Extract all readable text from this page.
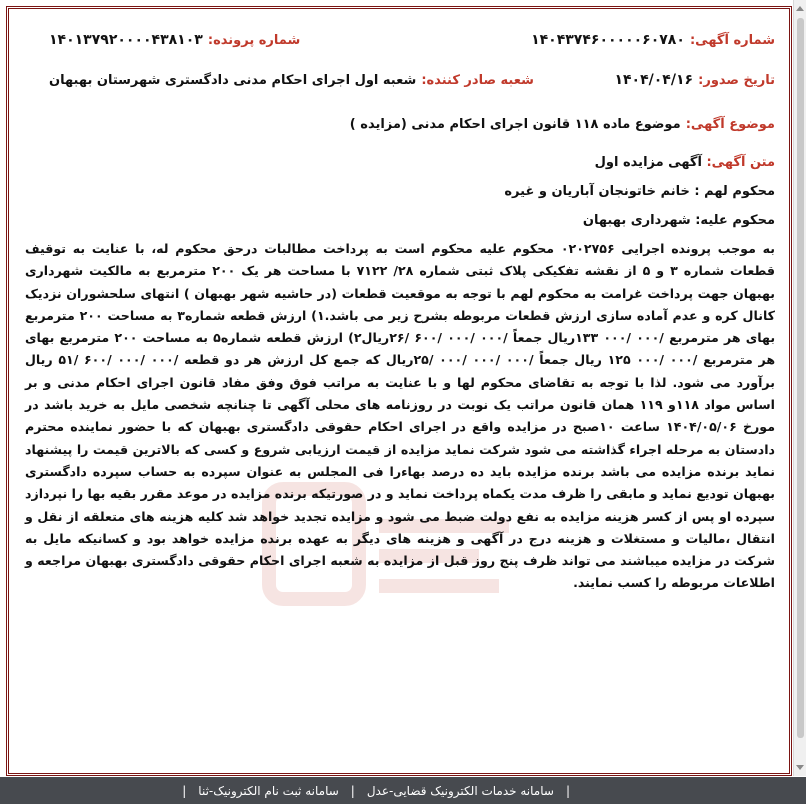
شماره آگهی: ۱۴۰۴۳۷۴۶۰۰۰۰۰۶۰۷۸۰
شماره پرونده: ۱۴۰۱۳۷۹۲۰۰۰۰۴۳۸۱۰۳
تاریخ صدور: ۱۴۰۴/۰۴/۱۶
شعبه صادر کننده: شعبه اول اجرای احکام مدنی دادگستری شهرستان بهبهان
موضوع آگهی: موضوع ماده ۱۱۸ قانون اجرای احکام مدنی (مزایده )
متن آگهی: آگهی مزایده اول
محکوم لهم : خانم خاتونجان آباریان و غیره
محکوم علیه: شهرداری بهبهان
به موجب پرونده اجرایی ۰۲۰۲۷۵۶ محکوم علیه محکوم است به پرداخت مطالبات درحق محکوم له، با عنایت به توقیف قطعات شماره ۳ و ۵ از نقشه تفکیکی پلاک ثبتی شماره ۲۸/ ۷۱۲۲ با مساحت هر یک ۲۰۰ مترمربع به مالکیت شهرداری بهبهان جهت پرداخت غرامت به محکوم لهم با توجه به موقعیت قطعات (در حاشیه شهر بهبهان ) انتهای سلحشوران نزدیک کانال کره و عدم آماده سازی ارزش قطعات مربوطه بشرح زیر می باشد.۱) ارزش قطعه شماره۳ به مساحت ۲۰۰ مترمربع بهای هر مترمربع /۰۰۰ /۰۰۰ ۱۳۳ریال جمعاً /۰۰۰ /۰۰۰ /۶۰۰ /۲۶ریال۲) ارزش قطعه شماره۵ به مساحت ۲۰۰ مترمربع بهای هر مترمربع /۰۰۰ /۰۰۰ ۱۲۵ ریال جمعاً /۰۰۰ /۰۰۰ /۰۰۰ /۲۵ریال که جمع کل ارزش هر دو قطعه /۰۰۰ /۰۰۰ /۶۰۰ /۵۱ ریال برآورد می شود. لذا با توجه به تقاضای محکوم لها و با عنایت به مراتب فوق وفق مفاد قانون اجرای احکام مدنی و بر اساس مواد ۱۱۸و ۱۱۹ همان قانون مراتب یک نوبت در روزنامه های محلی آگهی تا چنانچه شخصی مایل به خرید باشد در مورخ ۱۴۰۴/۰۵/۰۶ ساعت ۱۰صبح در مزایده واقع در اجرای احکام حقوقی دادگستری بهبهان که با حضور نماینده محترم دادستان به مرحله اجراء گذاشته می شود شرکت نماید مزایده از قیمت ارزیابی شروع و کسی که بالاترین قیمت را پیشنهاد نماید برنده مزایده می باشد برنده مزایده باید ده درصد بهاءرا فی المجلس به عنوان سپرده به حساب سپرده دادگستری بهبهان تودیع نماید و مابقی را ظرف مدت یکماه پرداخت نماید و در صورتیکه برنده مزایده در موعد مقرر بقیه بها را نپردازد سپرده او پس از کسر هزینه مزایده به نفع دولت ضبط می شود و مزایده تجدید خواهد شد کلیه هزینه های متعلقه از نقل و انتقال ،مالیات و مستغلات و هزینه درج در آگهی و هزینه های دیگر به عهده برنده مزایده خواهد بود و کسانیکه مایل به شرکت در مزایده میباشند می تواند ظرف پنج روز قبل از مزایده به شعبه اجرای احکام حقوقی دادگستری بهبهان مراجعه و اطلاعات مربوطه را کسب نمایند.
|
سامانه خدمات الکترونیک قضایی-عدل
|
سامانه ثبت نام الکترونیک-ثنا
|
